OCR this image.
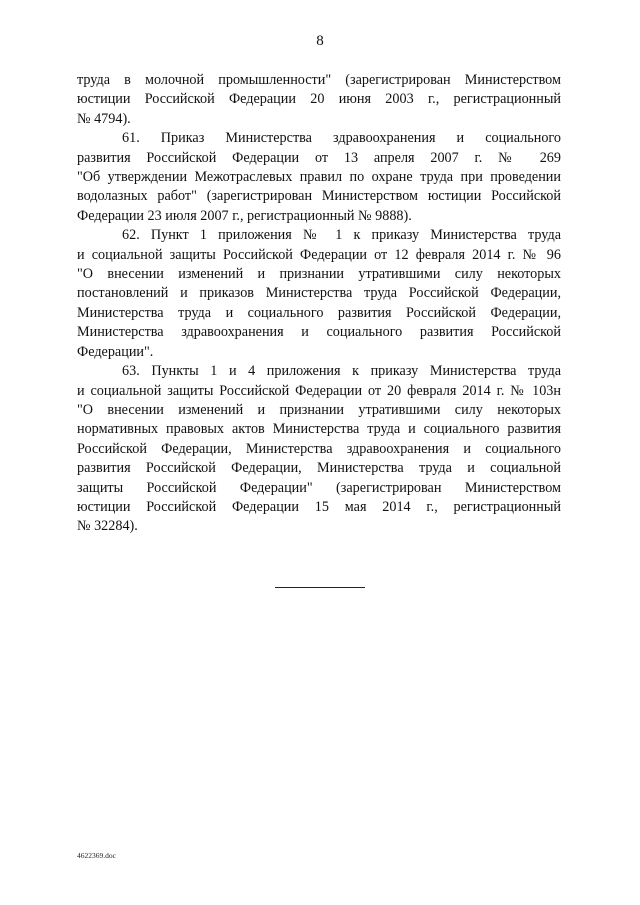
8

труда в молочной промышленности" (зарегистрирован Министерством
юстиции Российской Федерации 20 июня 2003 г., регистрационный
№ 4794).

61. Приказ Министерства здравоохранения и социального
развития Российской Федерации от 13 апреля 2007 г. № 269
"Об утверждении Межотраслевых правил по охране труда при проведении
водолазных работ" (зарегистрирован Министерством юстиции Российской
Федерации 23 июля 2007 г., регистрационный № 9888).

62. Пункт 1 приложения № 1 к приказу Министерства труда
и социальной защиты Российской Федерации от 12 февраля 2014 г. № 96
"О внесении изменений и признании утратившими силу некоторых
постановлений и приказов Министерства труда Российской Федерации,
Министерства труда и социального развития Российской Федерации,
Министерства здравоохранения и социального развития Российской
Федерации".

63. Пункты 1 и 4 приложения к приказу Министерства труда
и социальной защиты Российской Федерации от 20 февраля 2014 г. № 103н
"О внесении изменений и признании утратившими силу некоторых
нормативных правовых актов Министерства труда и социального развития
Российской Федерации, Министерства здравоохранения и социального
развития Российской Федерации, Министерства труда и социальной
защиты Российской Федерации" (зарегистрирован Министерством
юстиции Российской Федерации 15 мая 2014 г., регистрационный
№ 32284).

4622369.doc
